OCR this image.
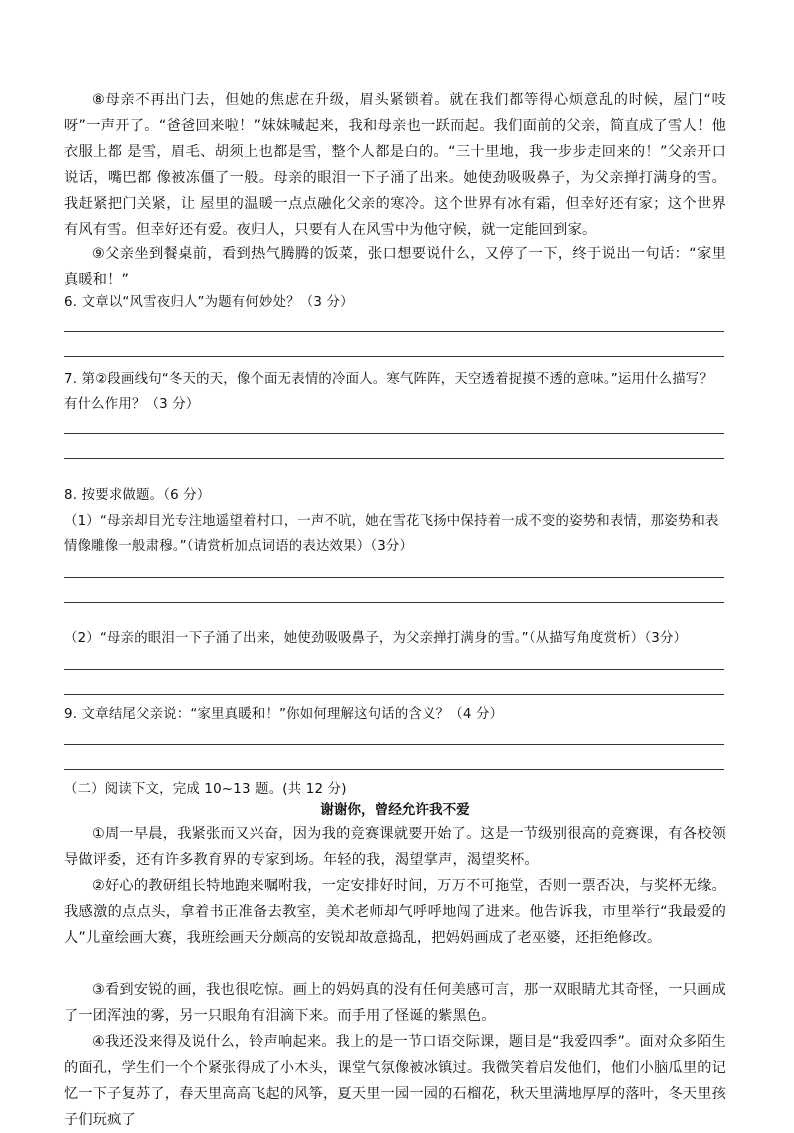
⑧母亲不再出门去，但她的焦虑在升级，眉头紧锁着。就在我们都等得心烦意乱的时候，屋门“吱呀”一声开了。“爸爸回来啦！”妹妹喊起来，我和母亲也一跃而起。我们面前的父亲，简直成了雪人！他衣服上都 是雪，眉毛、胡须上也都是雪，整个人都是白的。“三十里地，我一步步走回来的！”父亲开口说话，嘴巴都 像被冻僵了一般。母亲的眼泪一下子涌了出来。她使劲吸吸鼻子，为父亲掸打满身的雪。我赶紧把门关紧，让 屋里的温暖一点点融化父亲的寒冷。这个世界有冰有霜，但幸好还有家；这个世界有风有雪。但幸好还有爱。夜归人，只要有人在风雪中为他守候，就一定能回到家。

⑨父亲坐到餐桌前，看到热气腾腾的饭菜，张口想要说什么，又停了一下，终于说出一句话：“家里真暖和！”

6. 文章以“风雪夜归人”为题有何妙处？（3 分）

7. 第②段画线句“冬天的天，像个面无表情的冷面人。寒气阵阵，天空透着捉摸不透的意味。”运用什么描写？有什么作用？（3 分）

8. 按要求做题。（6 分）

（1）“母亲却目光专注地遥望着村口，一声不吭，她在雪花飞扬中保持着一成不变的姿势和表情，那姿势和表情像雕像一般肃穆。”（请赏析加点词语的表达效果）（3分）

（2）“母亲的眼泪一下子涌了出来，她使劲吸吸鼻子，为父亲掸打满身的雪。”（从描写角度赏析）（3分）

9. 文章结尾父亲说：“家里真暖和！”你如何理解这句话的含义？（4 分）

（二）阅读下文，完成 10~13 题。(共 12 分)

谢谢你，曾经允许我不爱

①周一早晨，我紧张而又兴奋，因为我的竞赛课就要开始了。这是一节级别很高的竞赛课，有各校领导做评委，还有许多教育界的专家到场。年轻的我，渴望掌声，渴望奖杯。

②好心的教研组长特地跑来嘱咐我，一定安排好时间，万万不可拖堂，否则一票否决，与奖杯无缘。我感激的点点头，拿着书正准备去教室，美术老师却气呼呼地闯了进来。他告诉我，市里举行“我最爱的人”儿童绘画大赛，我班绘画天分颇高的安锐却故意捣乱，把妈妈画成了老巫婆，还拒绝修改。

③看到安锐的画，我也很吃惊。画上的妈妈真的没有任何美感可言，那一双眼睛尤其奇怪，一只画成了一团浑浊的雾，另一只眼角有泪滴下来。而手用了怪诞的紫黑色。

④我还没来得及说什么，铃声响起来。我上的是一节口语交际课，题目是“我爱四季”。面对众多陌生的面孔，学生们一个个紧张得成了小木头，课堂气氛像被冰镇过。我微笑着启发他们，他们小脑瓜里的记忆一下子复苏了，春天里高高飞起的风筝，夏天里一园一园的石榴花，秋天里满地厚厚的落叶，冬天里孩子们玩疯了
